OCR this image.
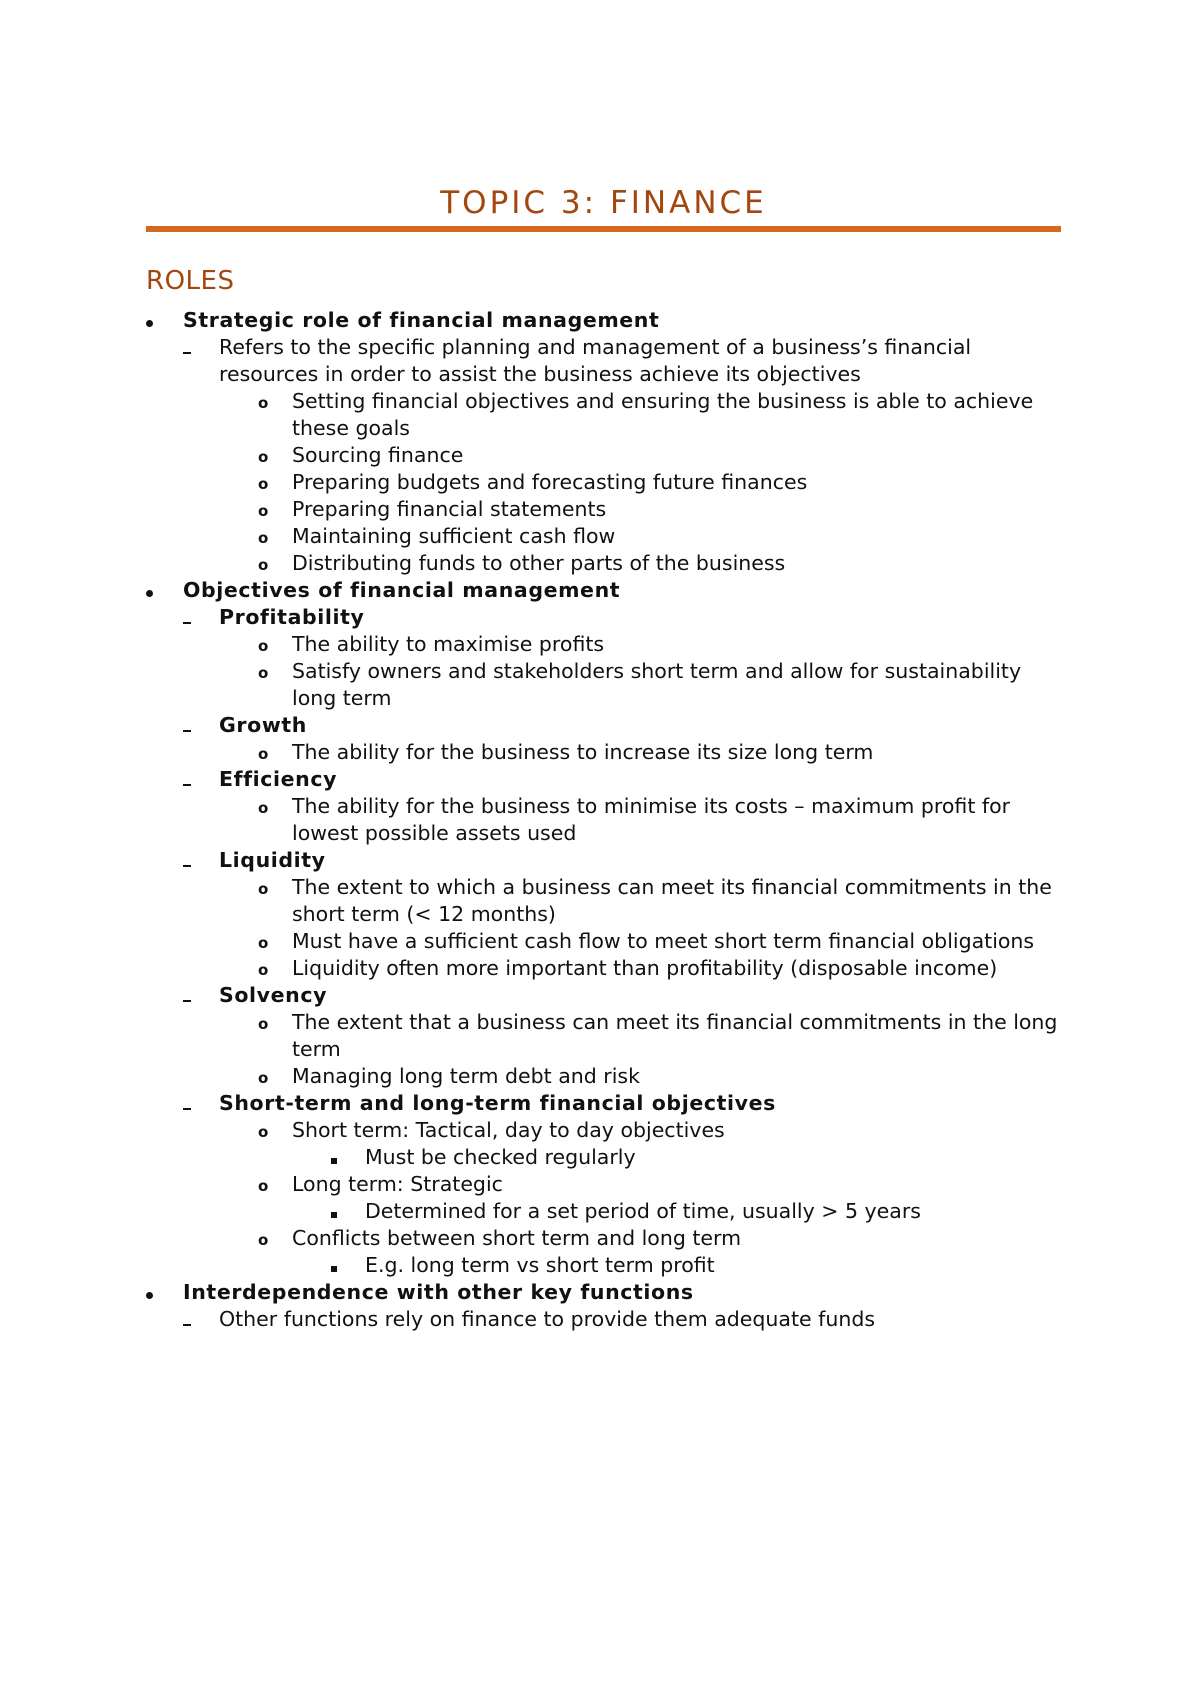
TOPIC 3: FINANCE
ROLES
Strategic role of financial management
Refers to the specific planning and management of a business’s financial resources in order to assist the business achieve its objectives
o Setting financial objectives and ensuring the business is able to achieve these goals
o Sourcing finance
o Preparing budgets and forecasting future finances
o Preparing financial statements
o Maintaining sufficient cash flow
o Distributing funds to other parts of the business
Objectives of financial management
Profitability
o The ability to maximise profits
o Satisfy owners and stakeholders short term and allow for sustainability long term
Growth
o The ability for the business to increase its size long term
Efficiency
o The ability for the business to minimise its costs – maximum profit for lowest possible assets used
Liquidity
o The extent to which a business can meet its financial commitments in the short term (< 12 months)
o Must have a sufficient cash flow to meet short term financial obligations
o Liquidity often more important than profitability (disposable income)
Solvency
o The extent that a business can meet its financial commitments in the long term
o Managing long term debt and risk
Short-term and long-term financial objectives
o Short term: Tactical, day to day objectives
Must be checked regularly
o Long term: Strategic
Determined for a set period of time, usually > 5 years
o Conflicts between short term and long term
E.g. long term vs short term profit
Interdependence with other key functions
Other functions rely on finance to provide them adequate funds
